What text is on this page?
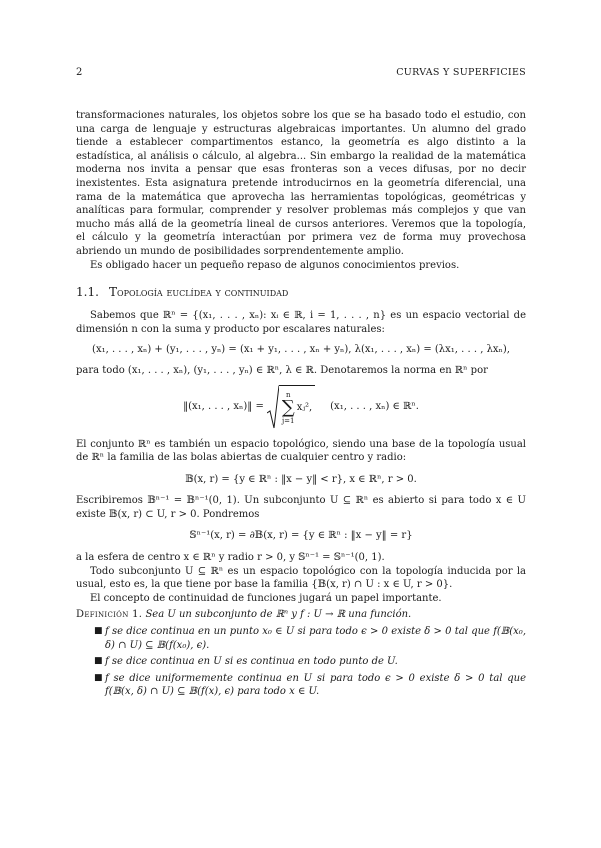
2	CURVAS Y SUPERFICIES

transformaciones naturales, los objetos sobre los que se ha basado todo el estudio, con una carga de lenguaje y estructuras algebraicas importantes. Un alumno del grado tiende a establecer compartimentos estanco, la geometría es algo distinto a la estadística, al análisis o cálculo, al algebra... Sin embargo la realidad de la matemática moderna nos invita a pensar que esas fronteras son a veces difusas, por no decir inexistentes. Esta asignatura pretende introducirnos en la geometría diferencial, una rama de la matemática que aprovecha las herramientas topológicas, geométricas y analíticas para formular, comprender y resolver problemas más complejos y que van mucho más allá de la geometría lineal de cursos anteriores. Veremos que la topología, el cálculo y la geometría interactúan por primera vez de forma muy provechosa abriendo un mundo de posibilidades sorprendentemente amplio.

Es obligado hacer un pequeño repaso de algunos conocimientos previos.

1.1. Topología euclídea y continuidad

Sabemos que ℝⁿ = {(x₁, . . . , xₙ): xᵢ ∈ ℝ, i = 1, . . . , n} es un espacio vectorial de dimensión n con la suma y producto por escalares naturales:

(x₁, . . . , xₙ) + (y₁, . . . , yₙ) = (x₁ + y₁, . . . , xₙ + yₙ), λ(x₁, . . . , xₙ) = (λx₁, . . . , λxₙ),

para todo (x₁, . . . , xₙ), (y₁, . . . , yₙ) ∈ ℝⁿ, λ ∈ ℝ. Denotaremos la norma en ℝⁿ por

‖(x₁, . . . , xₙ)‖ =
n
∑
j=1
xⱼ², (x₁, . . . , xₙ) ∈ ℝⁿ.

El conjunto ℝⁿ es también un espacio topológico, siendo una base de la topología usual de ℝⁿ la familia de las bolas abiertas de cualquier centro y radio:

𝔹(x, r) = {y ∈ ℝⁿ : ‖x − y‖ < r}, x ∈ ℝⁿ, r > 0.

Escribiremos 𝔹ⁿ⁻¹ = 𝔹ⁿ⁻¹(0, 1). Un subconjunto U ⊆ ℝⁿ es abierto si para todo x ∈ U existe 𝔹(x, r) ⊂ U, r > 0. Pondremos

𝕊ⁿ⁻¹(x, r) = ∂𝔹(x, r) = {y ∈ ℝⁿ : ‖x − y‖ = r}

a la esfera de centro x ∈ ℝⁿ y radio r > 0, y 𝕊ⁿ⁻¹ = 𝕊ⁿ⁻¹(0, 1).

Todo subconjunto U ⊆ ℝⁿ es un espacio topológico con la topología inducida por la usual, esto es, la que tiene por base la familia {𝔹(x, r) ∩ U : x ∈ U, r > 0}.

El concepto de continuidad de funciones jugará un papel importante.

Definición 1. Sea U un subconjunto de ℝⁿ y f : U → ℝ una función.
■ f se dice continua en un punto x₀ ∈ U si para todo ϵ > 0 existe δ > 0 tal que f(𝔹(x₀, δ) ∩ U) ⊆ 𝔹(f(x₀), ϵ).
■ f se dice continua en U si es continua en todo punto de U.
■ f se dice uniformemente continua en U si para todo ϵ > 0 existe δ > 0 tal que f(𝔹(x, δ) ∩ U) ⊆ 𝔹(f(x), ϵ) para todo x ∈ U.
